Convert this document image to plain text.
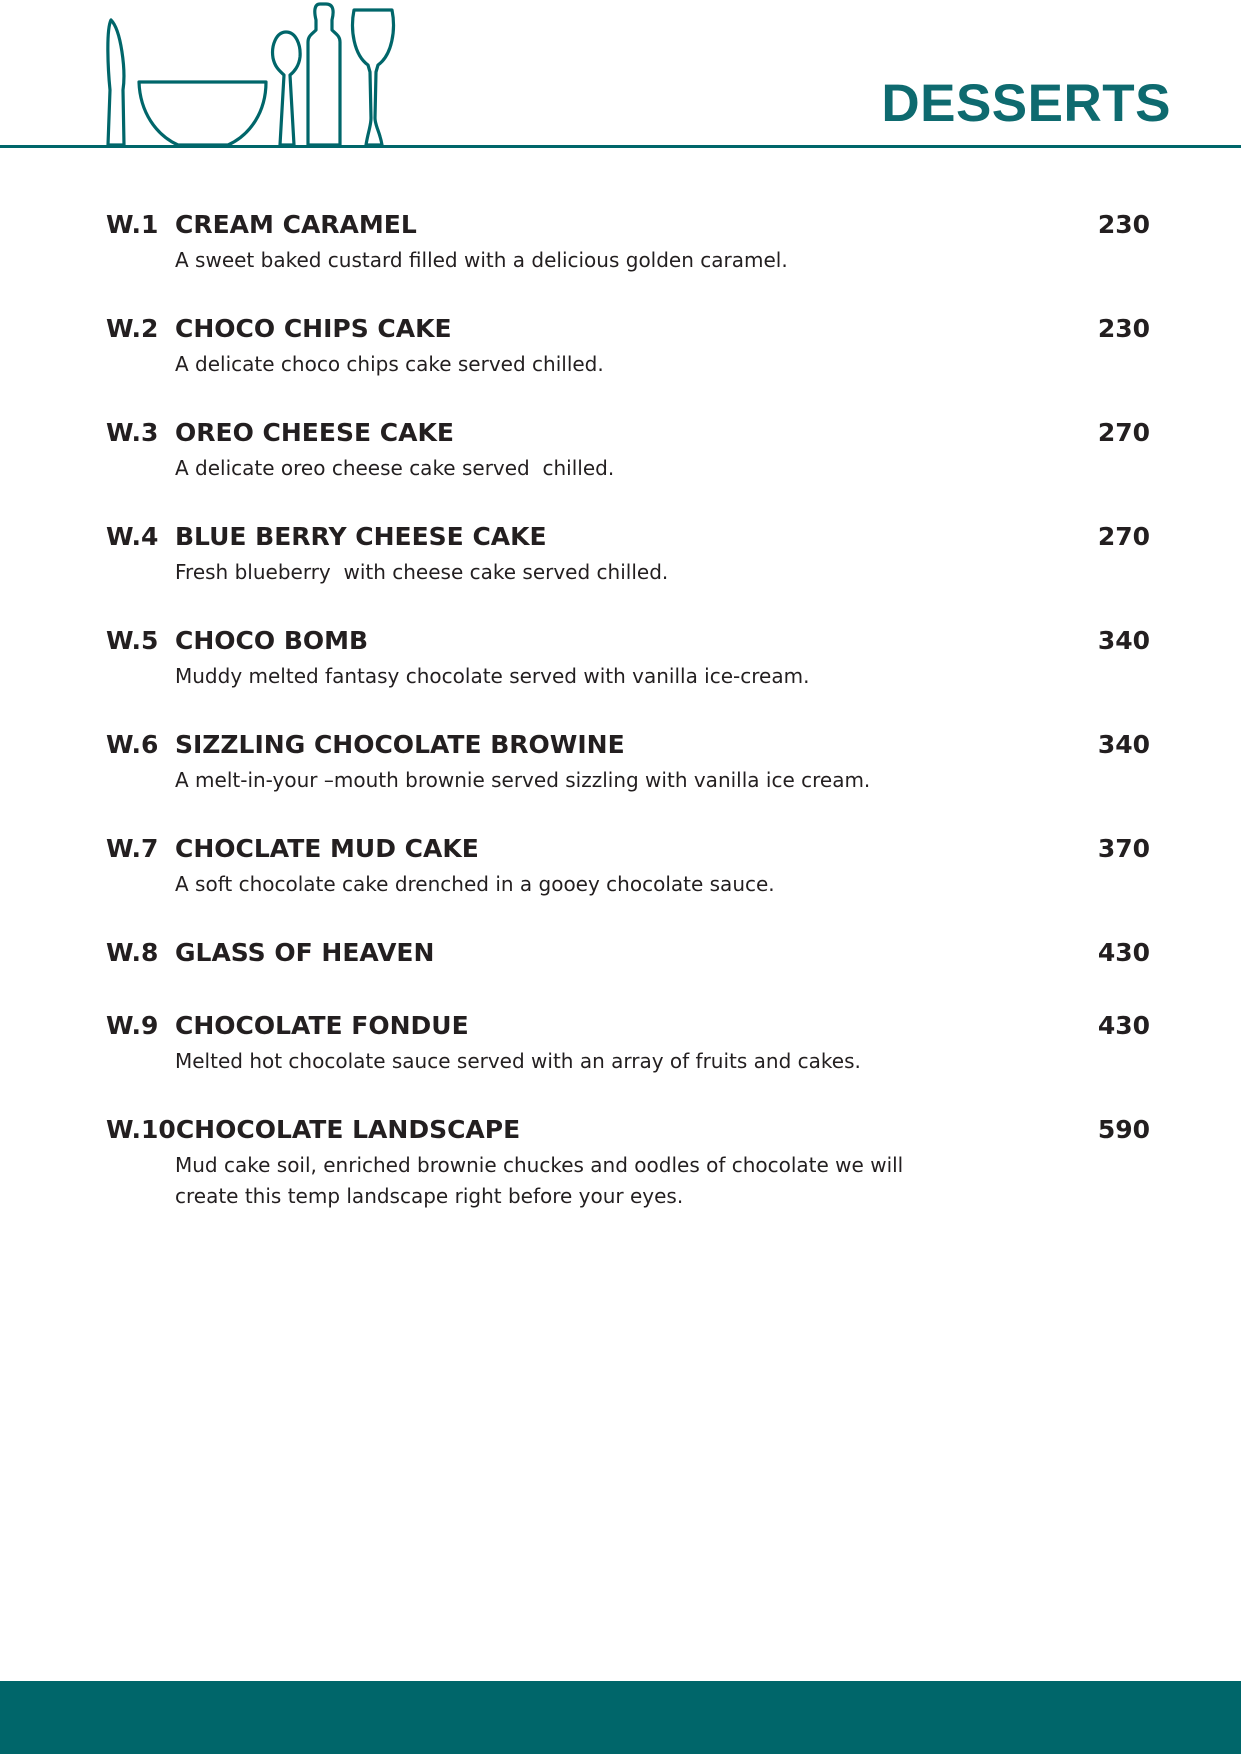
DESSERTS
W.1 CREAM CARAMEL	230

A sweet baked custard filled with a delicious golden caramel.

W.2 CHOCO CHIPS CAKE	230

A delicate choco chips cake served chilled.

W.3 OREO CHEESE CAKE	270

A delicate oreo cheese cake served  chilled.

W.4 BLUE BERRY CHEESE CAKE	270

Fresh blueberry  with cheese cake served chilled.

W.5 CHOCO BOMB	340

Muddy melted fantasy chocolate served with vanilla ice-cream.

W.6 SIZZLING CHOCOLATE BROWINE	340

A melt-in-your –mouth brownie served sizzling with vanilla ice cream.

W.7 CHOCLATE MUD CAKE	370

A soft chocolate cake drenched in a gooey chocolate sauce.

W.8 GLASS OF HEAVEN	430
W.9 CHOCOLATE FONDUE	430

Melted hot chocolate sauce served with an array of fruits and cakes.

W.10 CHOCOLATE LANDSCAPE	590

Mud cake soil, enriched brownie chuckes and oodles of chocolate we will
create this temp landscape right before your eyes.
